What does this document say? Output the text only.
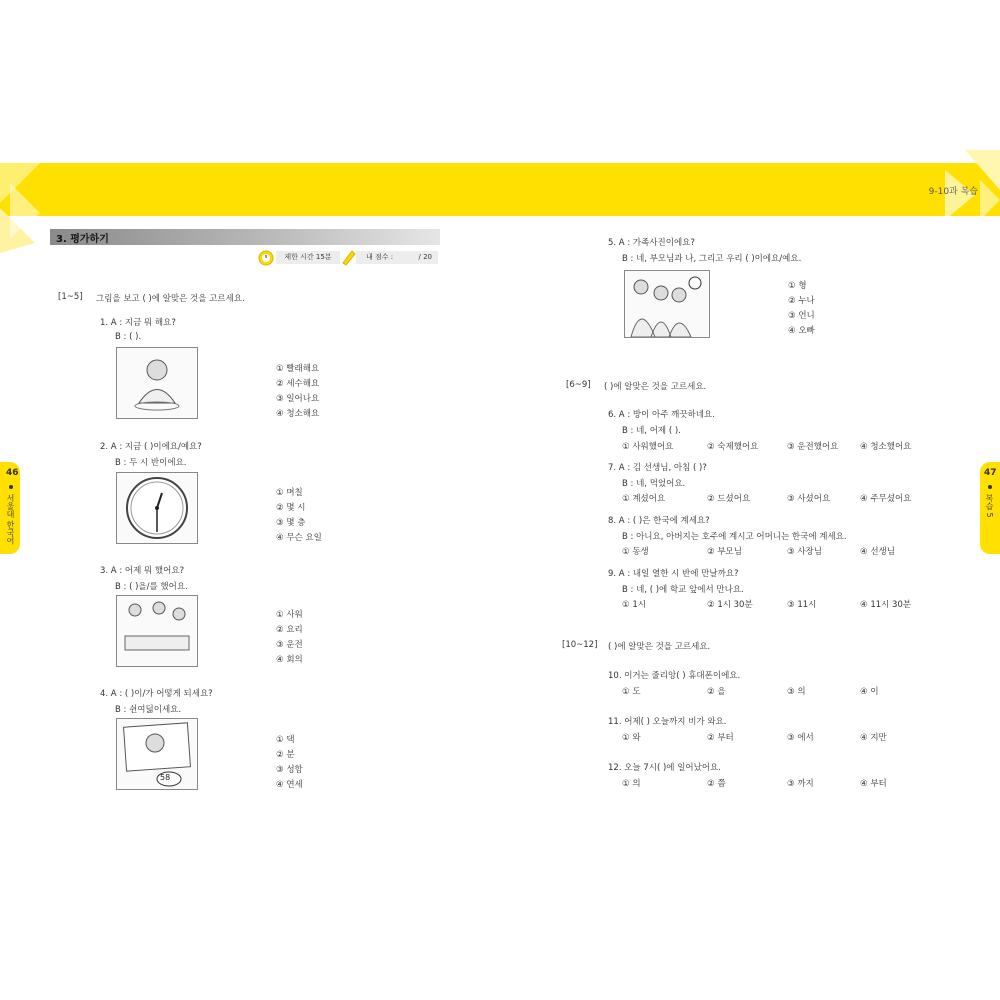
9-10과 복습
3. 평가하기
제한 시간 15분	내 점수 :	/ 20
46
서울대 한국어
47
복습 5
[1~5] 그림을 보고 ( )에 알맞은 것을 고르세요.
1. A : 지금 뭐 해요?
B : ( ).
① 빨래해요
② 세수해요
③ 일어나요
④ 청소해요
2. A : 지금 ( )이에요/예요?
B : 두 시 반이에요.
① 며칠
② 몇 시
③ 몇 층
④ 무슨 요일
3. A : 어제 뭐 했어요?
B : ( )을/를 했어요.
① 사워
② 요리
③ 운전
④ 회의
4. A : ( )이/가 어떻게 되세요?
B : 쉰여덟이세요.
58
① 댁
② 분
③ 성함
④ 연세
5. A : 가족사진이에요?
B : 네, 부모님과 나, 그리고 우리 ( )이에요/예요.
① 형
② 누나
③ 언니
④ 오빠
[6~9] ( )에 알맞은 것을 고르세요.
6. A : 방이 아주 깨끗하네요.
B : 네, 어제 ( ).
① 사워했어요	② 숙제했어요	③ 운전했어요	④ 청소했어요
7. A : 김 선생님, 아침 ( )?
B : 네, 먹었어요.
① 계셨어요	② 드셨어요	③ 사셨어요	④ 주무셨어요
8. A : ( )은 한국에 계세요?
B : 아니요, 아버지는 호주에 계시고 어머니는 한국에 계세요.
① 동생	② 부모님	③ 사장님	④ 선생님
9. A : 내일 열한 시 반에 만날까요?
B : 네, ( )에 학교 앞에서 만나요.
① 1시	② 1시 30분	③ 11시	④ 11시 30분
[10~12] ( )에 알맞은 것을 고르세요.
10. 이거는 줄리앙( ) 휴대폰이에요.
① 도	② 을	③ 의	④ 이
11. 어제( ) 오늘까지 비가 와요.
① 와	② 부터	③ 에서	④ 지만
12. 오늘 7시( )에 일어났어요.
① 의	② 쯤	③ 까지	④ 부터
